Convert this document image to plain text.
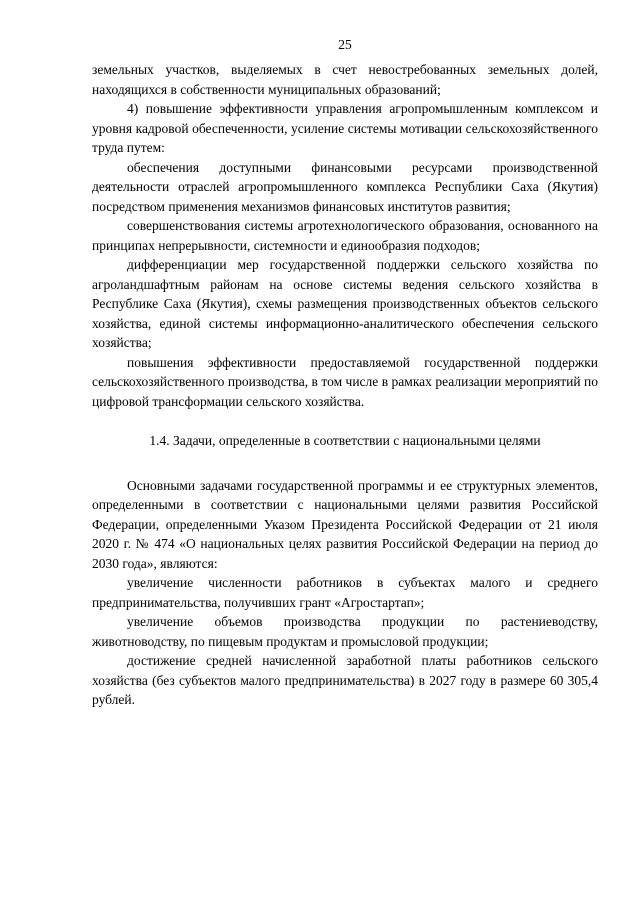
25

земельных участков, выделяемых в счет невостребованных земельных долей, находящихся в собственности муниципальных образований;

4) повышение эффективности управления агропромышленным комплексом и уровня кадровой обеспеченности, усиление системы мотивации сельскохозяйственного труда путем:

обеспечения доступными финансовыми ресурсами производственной деятельности отраслей агропромышленного комплекса Республики Саха (Якутия) посредством применения механизмов финансовых институтов развития;

совершенствования системы агротехнологического образования, основанного на принципах непрерывности, системности и единообразия подходов;

дифференциации мер государственной поддержки сельского хозяйства по агроландшафтным районам на основе системы ведения сельского хозяйства в Республике Саха (Якутия), схемы размещения производственных объектов сельского хозяйства, единой системы информационно-аналитического обеспечения сельского хозяйства;

повышения эффективности предоставляемой государственной поддержки сельскохозяйственного производства, в том числе в рамках реализации мероприятий по цифровой трансформации сельского хозяйства.

1.4. Задачи, определенные в соответствии с национальными целями

Основными задачами государственной программы и ее структурных элементов, определенными в соответствии с национальными целями развития Российской Федерации, определенными Указом Президента Российской Федерации от 21 июля 2020 г. № 474 «О национальных целях развития Российской Федерации на период до 2030 года», являются:

увеличение численности работников в субъектах малого и среднего предпринимательства, получивших грант «Агростартап»;

увеличение объемов производства продукции по растениеводству, животноводству, по пищевым продуктам и промысловой продукции;

достижение средней начисленной заработной платы работников сельского хозяйства (без субъектов малого предпринимательства) в 2027 году в размере 60 305,4 рублей.
